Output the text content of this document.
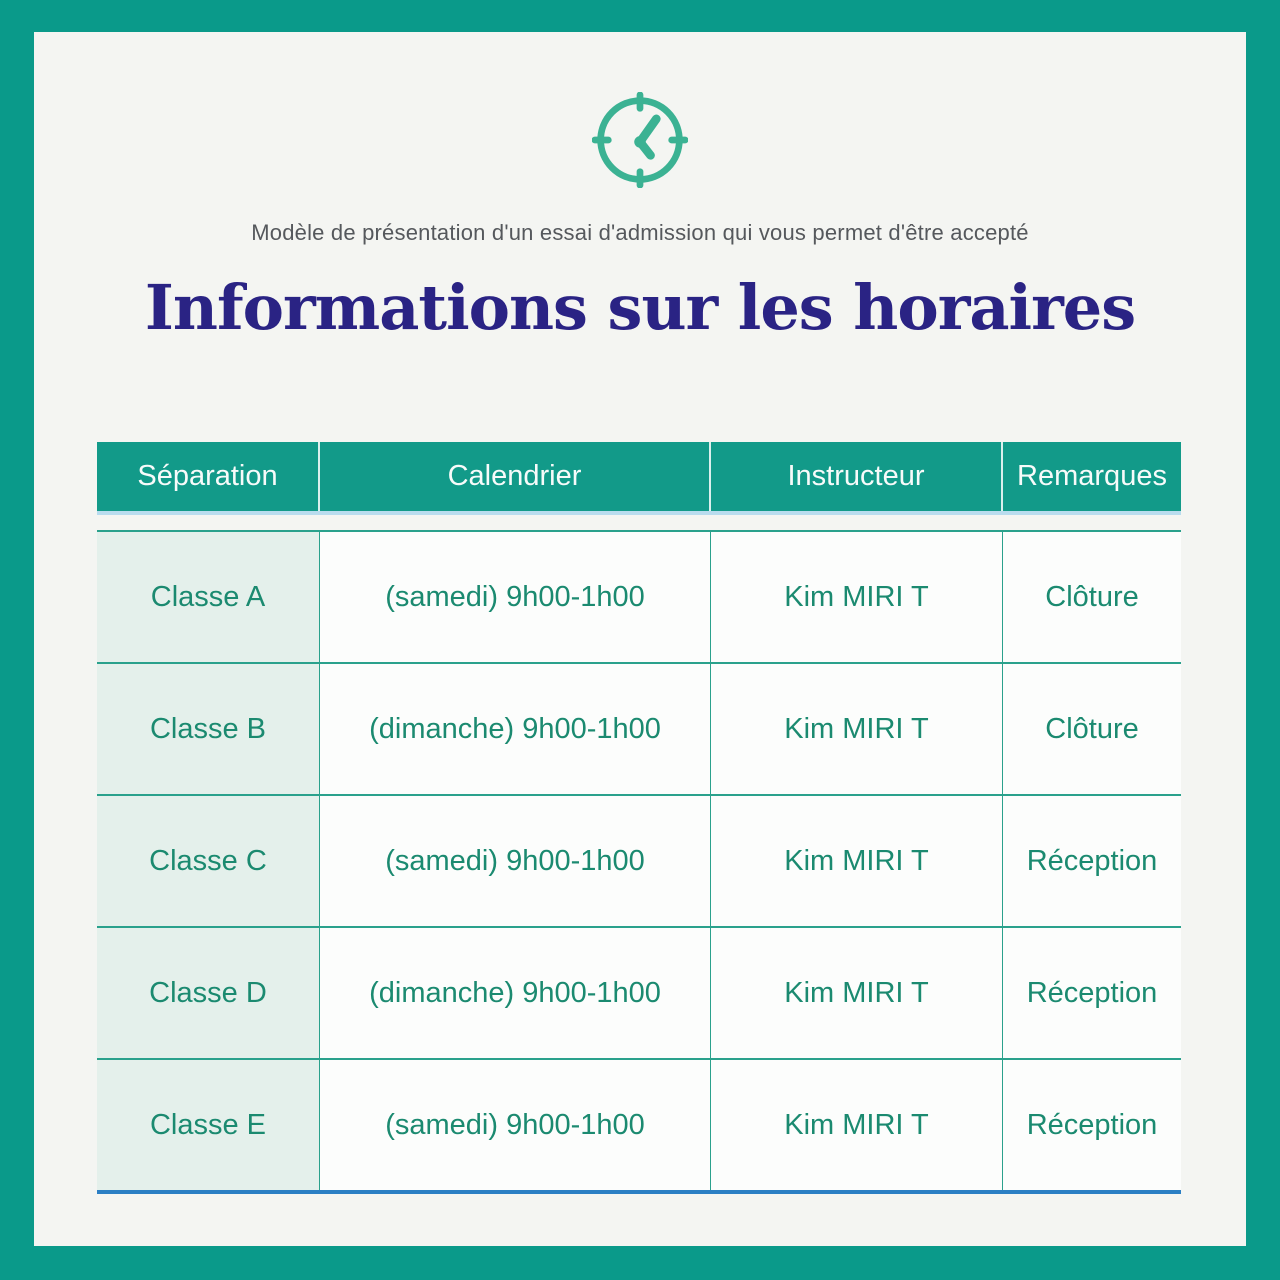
Modèle de présentation d'un essai d'admission qui vous permet d'être accepté
Informations sur les horaires
Séparation	Calendrier	Instructeur	Remarques
Classe A	(samedi) 9h00-1h00	Kim MIRI T	Clôture
Classe B	(dimanche) 9h00-1h00	Kim MIRI T	Clôture
Classe C	(samedi) 9h00-1h00	Kim MIRI T	Réception
Classe D	(dimanche) 9h00-1h00	Kim MIRI T	Réception
Classe E	(samedi) 9h00-1h00	Kim MIRI T	Réception
